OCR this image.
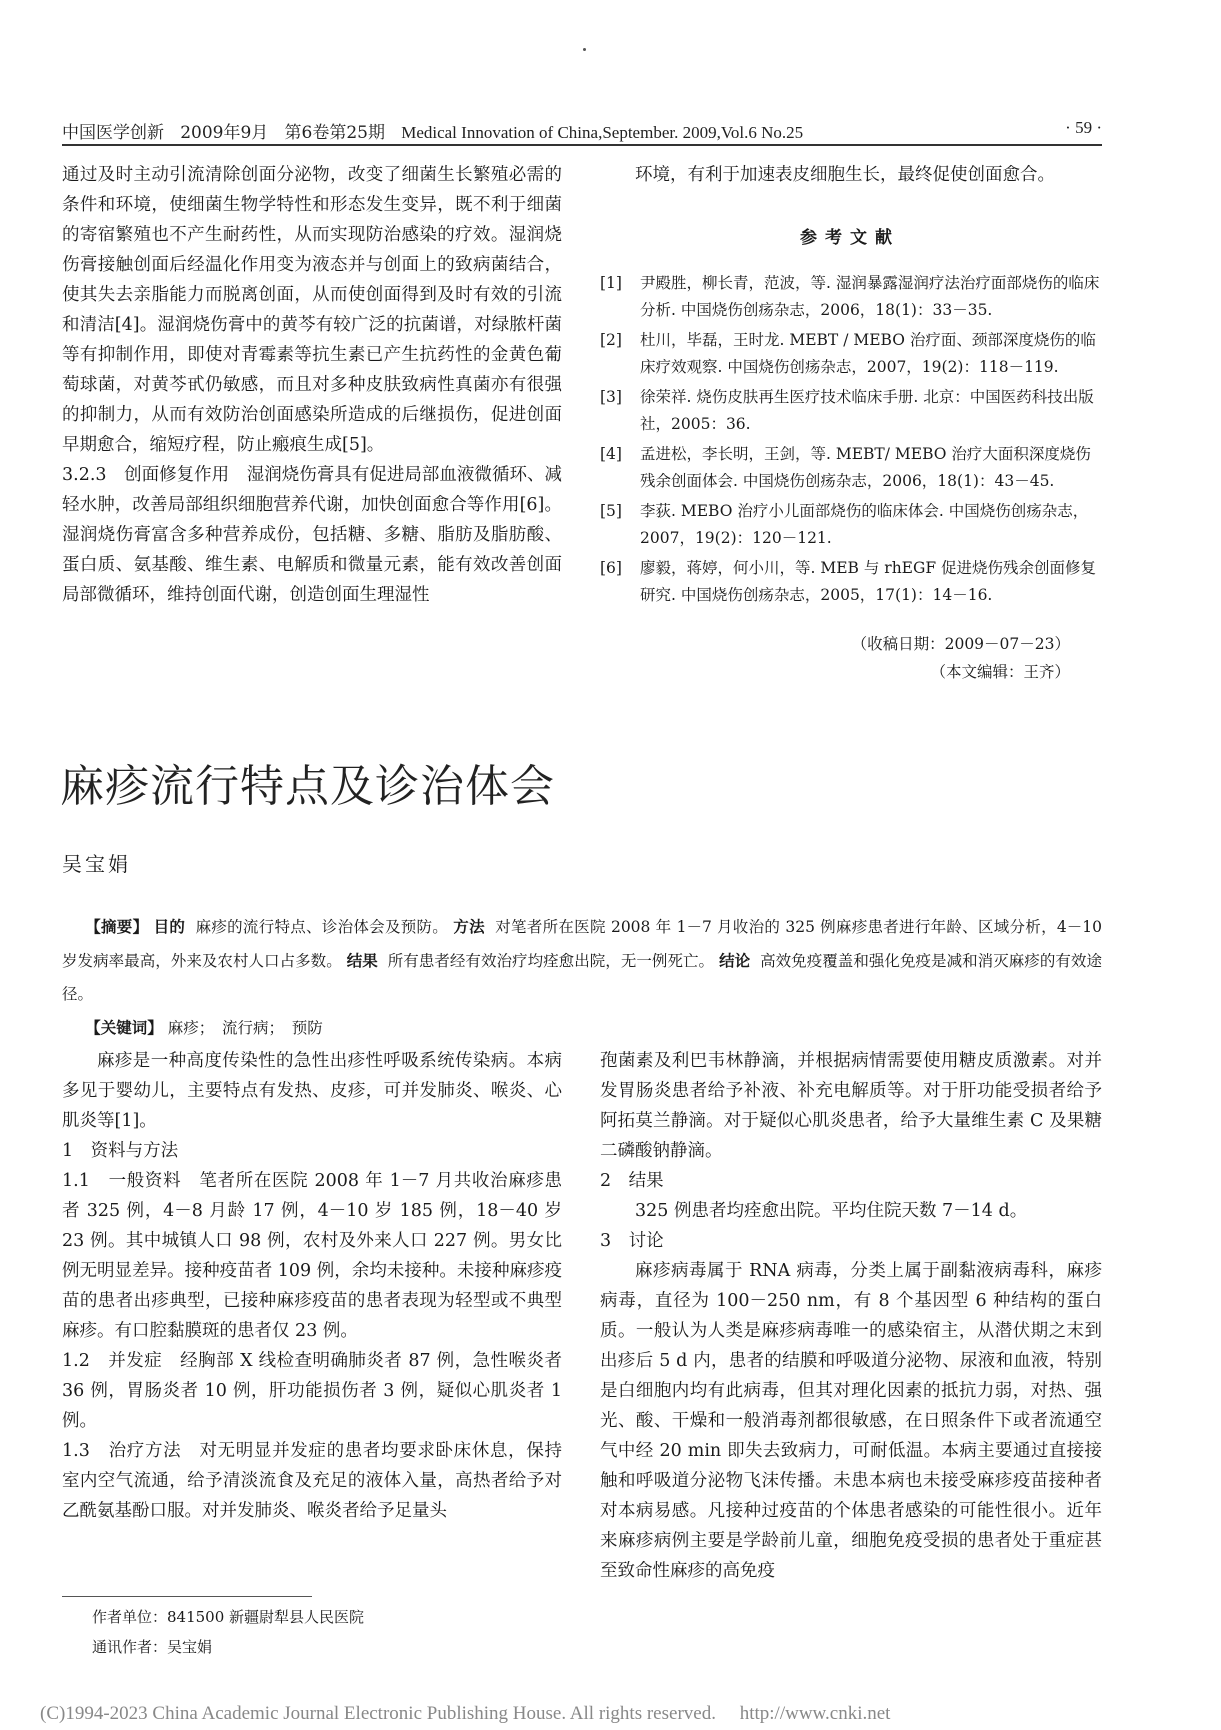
中国医学创新 2009年9月 第6卷第25期 Medical Innovation of China,September. 2009,Vol.6 No.25	· 59 ·

通过及时主动引流清除创面分泌物，改变了细菌生长繁殖必需的条件和环境，使细菌生物学特性和形态发生变异，既不利于细菌的寄宿繁殖也不产生耐药性，从而实现防治感染的疗效。湿润烧伤膏接触创面后经温化作用变为液态并与创面上的致病菌结合，使其失去亲脂能力而脱离创面，从而使创面得到及时有效的引流和清洁[4]。湿润烧伤膏中的黄芩有较广泛的抗菌谱，对绿脓杆菌等有抑制作用，即使对青霉素等抗生素已产生抗药性的金黄色葡萄球菌，对黄芩甙仍敏感，而且对多种皮肤致病性真菌亦有很强的抑制力，从而有效防治创面感染所造成的后继损伤，促进创面早期愈合，缩短疗程，防止瘢痕生成[5]。

3.2.3　创面修复作用　湿润烧伤膏具有促进局部血液微循环、减轻水肿，改善局部组织细胞营养代谢，加快创面愈合等作用[6]。湿润烧伤膏富含多种营养成份，包括糖、多糖、脂肪及脂肪酸、蛋白质、氨基酸、维生素、电解质和微量元素，能有效改善创面局部微循环，维持创面代谢，创造创面生理湿性

环境，有利于加速表皮细胞生长，最终促使创面愈合。

参考文献
[1]	尹殿胜，柳长青，范波，等. 湿润暴露湿润疗法治疗面部烧伤的临床分析. 中国烧伤创疡杂志，2006，18(1)：33－35.
[2]	杜川，毕磊，王时龙. MEBT / MEBO 治疗面、颈部深度烧伤的临床疗效观察. 中国烧伤创疡杂志，2007，19(2)：118－119.
[3]	徐荣祥. 烧伤皮肤再生医疗技术临床手册. 北京：中国医药科技出版社，2005：36.
[4]	孟进松，李长明，王剑，等. MEBT/ MEBO 治疗大面积深度烧伤残余创面体会. 中国烧伤创疡杂志，2006，18(1)：43－45.
[5]	李荻. MEBO 治疗小儿面部烧伤的临床体会. 中国烧伤创疡杂志，2007，19(2)：120－121.
[6]	廖毅，蒋婷，何小川，等. MEB 与 rhEGF 促进烧伤残余创面修复研究. 中国烧伤创疡杂志，2005，17(1)：14－16.
（收稿日期：2009－07－23）
（本文编辑：王齐）
麻疹流行特点及诊治体会
吴宝娟

【摘要】 目的 麻疹的流行特点、诊治体会及预防。 方法 对笔者所在医院 2008 年 1－7 月收治的 325 例麻疹患者进行年龄、区域分析，4－10 岁发病率最高，外来及农村人口占多数。 结果 所有患者经有效治疗均痊愈出院，无一例死亡。 结论 高效免疫覆盖和强化免疫是减和消灭麻疹的有效途径。

【关键词】 麻疹；　流行病；　预防

麻疹是一种高度传染性的急性出疹性呼吸系统传染病。本病多见于婴幼儿，主要特点有发热、皮疹，可并发肺炎、喉炎、心肌炎等[1]。

1　资料与方法

1.1　一般资料　笔者所在医院 2008 年 1－7 月共收治麻疹患者 325 例，4－8 月龄 17 例，4－10 岁 185 例，18－40 岁 23 例。其中城镇人口 98 例，农村及外来人口 227 例。男女比例无明显差异。接种疫苗者 109 例，余均未接种。未接种麻疹疫苗的患者出疹典型，已接种麻疹疫苗的患者表现为轻型或不典型麻疹。有口腔黏膜斑的患者仅 23 例。

1.2　并发症　经胸部 X 线检查明确肺炎者 87 例，急性喉炎者 36 例，胃肠炎者 10 例，肝功能损伤者 3 例，疑似心肌炎者 1 例。

1.3　治疗方法　对无明显并发症的患者均要求卧床休息，保持室内空气流通，给予清淡流食及充足的液体入量，高热者给予对乙酰氨基酚口服。对并发肺炎、喉炎者给予足量头

孢菌素及利巴韦林静滴，并根据病情需要使用糖皮质激素。对并发胃肠炎患者给予补液、补充电解质等。对于肝功能受损者给予阿拓莫兰静滴。对于疑似心肌炎患者，给予大量维生素 C 及果糖二磷酸钠静滴。

2　结果

325 例患者均痊愈出院。平均住院天数 7－14 d。

3　讨论

麻疹病毒属于 RNA 病毒，分类上属于副黏液病毒科，麻疹病毒，直径为 100－250 nm，有 8 个基因型 6 种结构的蛋白质。一般认为人类是麻疹病毒唯一的感染宿主，从潜伏期之末到出疹后 5 d 内，患者的结膜和呼吸道分泌物、尿液和血液，特别是白细胞内均有此病毒，但其对理化因素的抵抗力弱，对热、强光、酸、干燥和一般消毒剂都很敏感，在日照条件下或者流通空气中经 20 min 即失去致病力，可耐低温。本病主要通过直接接触和呼吸道分泌物飞沫传播。未患本病也未接受麻疹疫苗接种者对本病易感。凡接种过疫苗的个体患者感染的可能性很小。近年来麻疹病例主要是学龄前儿童，细胞免疫受损的患者处于重症甚至致命性麻疹的高免疫

作者单位：841500 新疆尉犁县人民医院
通讯作者：吴宝娟
(C)1994-2023 China Academic Journal Electronic Publishing House. All rights reserved.　 http://www.cnki.net
